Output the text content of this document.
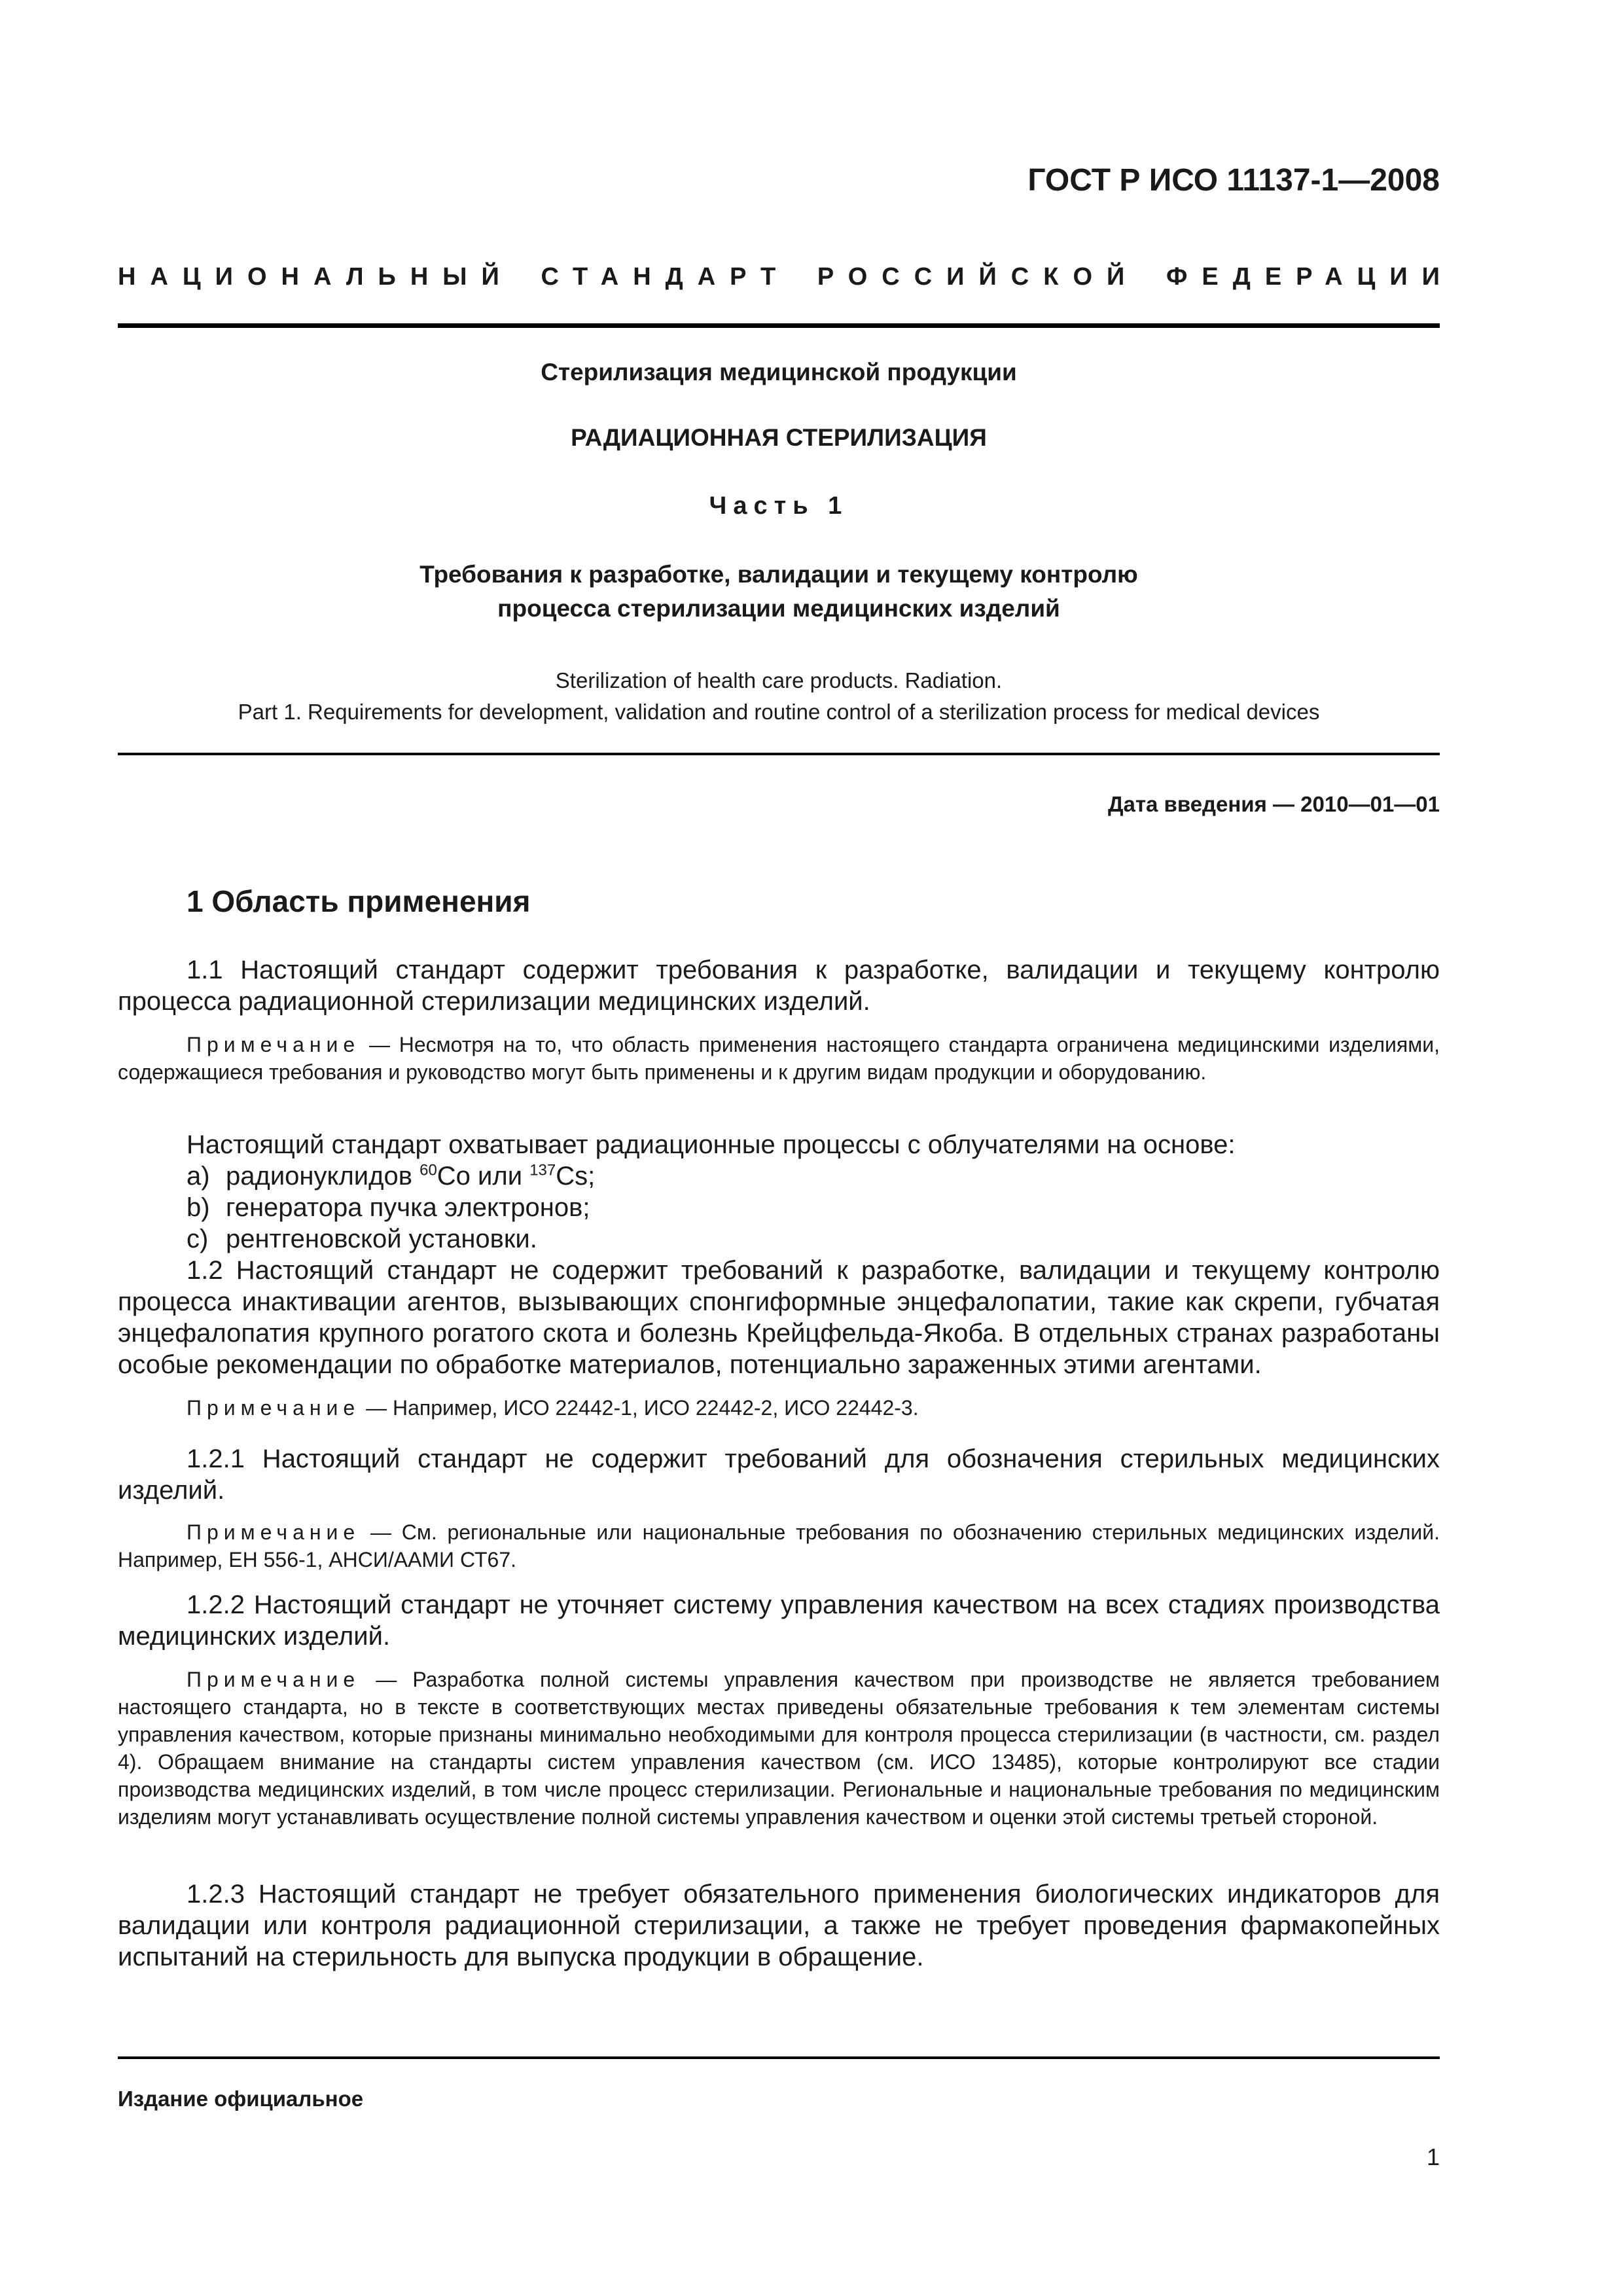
ГОСТ Р ИСО 11137-1—2008
НАЦИОНАЛЬНЫЙ СТАНДАРТ РОССИЙСКОЙ ФЕДЕРАЦИИ
Стерилизация медицинской продукции
РАДИАЦИОННАЯ СТЕРИЛИЗАЦИЯ
Часть 1
Требования к разработке, валидации и текущему контролю
процесса стерилизации медицинских изделий
Sterilization of health care products. Radiation.
Part 1. Requirements for development, validation and routine control of a sterilization process for medical devices
Дата введения — 2010—01—01
1 Область применения
1.1 Настоящий стандарт содержит требования к разработке, валидации и текущему контролю процесса радиационной стерилизации медицинских изделий.
Примечание — Несмотря на то, что область применения настоящего стандарта ограничена медицинскими изделиями, содержащиеся требования и руководство могут быть применены и к другим видам продукции и оборудованию.
Настоящий стандарт охватывает радиационные процессы с облучателями на основе:
a) радионуклидов $^{60}$Co или $^{137}$Cs;
b) генератора пучка электронов;
c) рентгеновской установки.
1.2 Настоящий стандарт не содержит требований к разработке, валидации и текущему контролю процесса инактивации агентов, вызывающих спонгиформные энцефалопатии, такие как скрепи, губчатая энцефалопатия крупного рогатого скота и болезнь Крейцфельда-Якоба. В отдельных странах разработаны особые рекомендации по обработке материалов, потенциально зараженных этими агентами.
Примечание — Например, ИСО 22442-1, ИСО 22442-2, ИСО 22442-3.
1.2.1 Настоящий стандарт не содержит требований для обозначения стерильных медицинских изделий.
Примечание — См. региональные или национальные требования по обозначению стерильных медицинских изделий. Например, ЕН 556-1, АНСИ/ААМИ СТ67.
1.2.2 Настоящий стандарт не уточняет систему управления качеством на всех стадиях производства медицинских изделий.
Примечание — Разработка полной системы управления качеством при производстве не является требованием настоящего стандарта, но в тексте в соответствующих местах приведены обязательные требования к тем элементам системы управления качеством, которые признаны минимально необходимыми для контроля процесса стерилизации (в частности, см. раздел 4). Обращаем внимание на стандарты систем управления качеством (см. ИСО 13485), которые контролируют все стадии производства медицинских изделий, в том числе процесс стерилизации. Региональные и национальные требования по медицинским изделиям могут устанавливать осуществление полной системы управления качеством и оценки этой системы третьей стороной.
1.2.3 Настоящий стандарт не требует обязательного применения биологических индикаторов для валидации или контроля радиационной стерилизации, а также не требует проведения фармакопейных испытаний на стерильность для выпуска продукции в обращение.
Издание официальное
1
